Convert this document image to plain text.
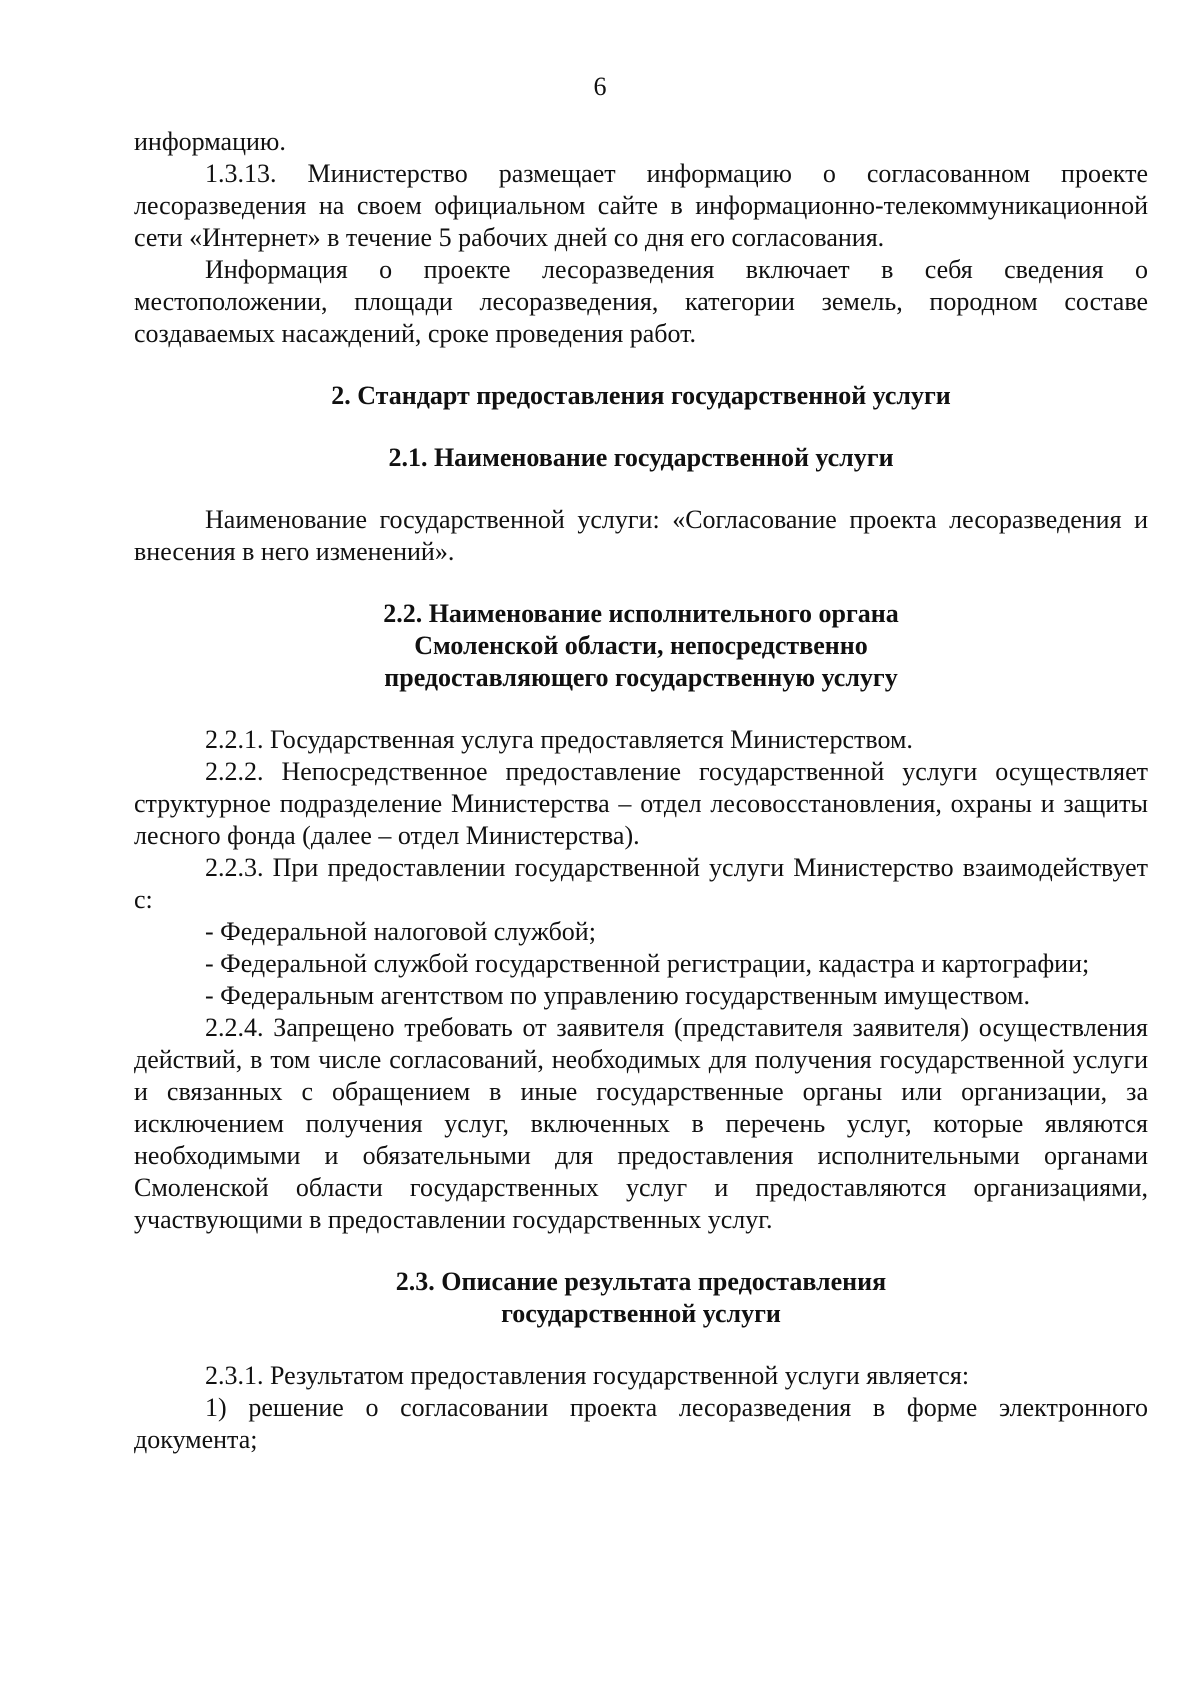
6

информацию.

1.3.13. Министерство размещает информацию о согласованном проекте лесоразведения на своем официальном сайте в информационно-телекоммуникационной сети «Интернет» в течение 5 рабочих дней со дня его согласования.

Информация о проекте лесоразведения включает в себя сведения о местоположении, площади лесоразведения, категории земель, породном составе создаваемых насаждений, сроке проведения работ.

2. Стандарт предоставления государственной услуги
2.1. Наименование государственной услуги

Наименование государственной услуги: «Согласование проекта лесоразведения и внесения в него изменений».

2.2. Наименование исполнительного органа
Смоленской области, непосредственно
предоставляющего государственную услугу

2.2.1. Государственная услуга предоставляется Министерством.

2.2.2. Непосредственное предоставление государственной услуги осуществляет структурное подразделение Министерства – отдел лесовосстановления, охраны и защиты лесного фонда (далее – отдел Министерства).

2.2.3. При предоставлении государственной услуги Министерство взаимодействует с:

- Федеральной налоговой службой;

- Федеральной службой государственной регистрации, кадастра и картографии;

- Федеральным агентством по управлению государственным имуществом.

2.2.4. Запрещено требовать от заявителя (представителя заявителя) осуществления действий, в том числе согласований, необходимых для получения государственной услуги и связанных с обращением в иные государственные органы или организации, за исключением получения услуг, включенных в перечень услуг, которые являются необходимыми и обязательными для предоставления исполнительными органами Смоленской области государственных услуг и предоставляются организациями, участвующими в предоставлении государственных услуг.

2.3. Описание результата предоставления
государственной услуги

2.3.1. Результатом предоставления государственной услуги является:

1) решение о согласовании проекта лесоразведения в форме электронного документа;
